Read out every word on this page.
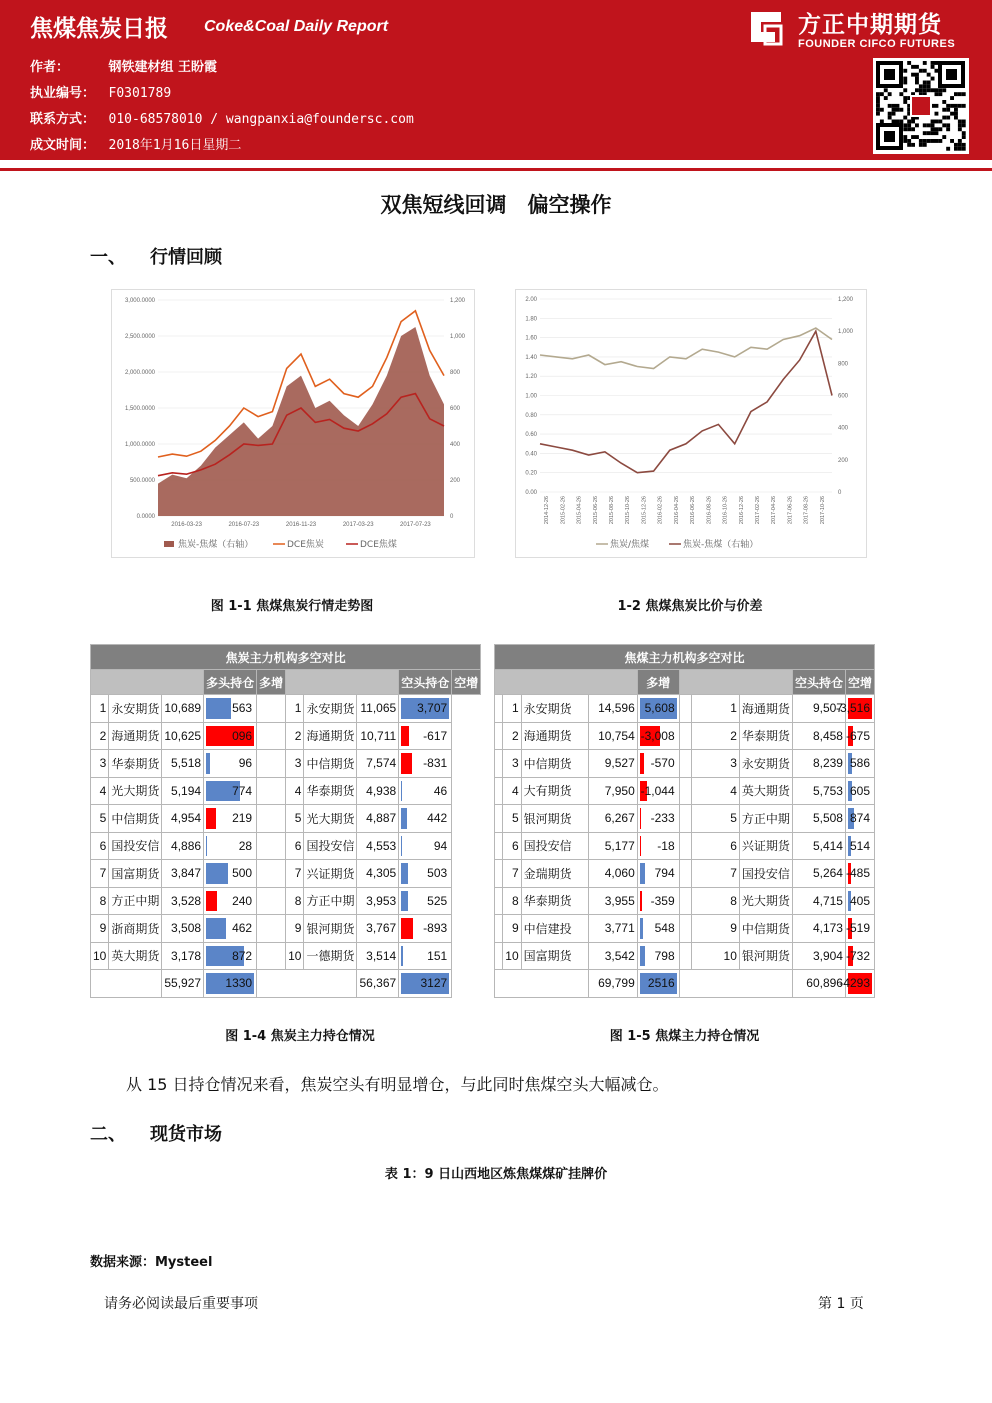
焦煤焦炭日报 Coke&Coal Daily Report	方正中期期货
FOUNDER CIFCO FUTURES
作者：	钢铁建材组 王盼霞
执业编号： F0301789
联系方式： 010-68578010 / wangpanxia@foundersc.com
成文时间： 2018年1月16日星期二
双焦短线回调　偏空操作
一、 行情回顾
3,000.0000
2,500.0000
2,000.0000
1,500.0000
1,000.0000
500.0000
0.0000
1,200
1,000
800
600
400
200
0
2016-03-23	2016-07-23	2016-11-23	2017-03-23	2017-07-23
焦炭-焦煤（右轴）	DCE焦炭	DCE焦煤
图 1-1 焦煤焦炭行情走势图
2.00
1.80
1.60
1.40
1.20
1.00
0.80
0.60
0.40
0.20
0.00
1,200
1,000
800
600
400
200
0
2014-12-26 2015-02-26 2015-04-26 2015-06-26 2015-08-26 2015-10-26 2015-12-26 2016-02-26 2016-04-26 2016-06-26 2016-08-26 2016-10-26 2016-12-26 2017-02-26 2017-04-26 2017-06-26 2017-08-26 2017-10-26
焦炭/焦煤	焦炭-焦煤（右轴）
1-2 焦煤焦炭比价与价差
焦炭主力机构多空对比									
			多头持仓	多增				空头持仓	空增
1	永安期货	10,689	563		1	永安期货	11,065	3,707	

2	海通期货	10,625	096		2	海通期货	10,711	-617	

3	华泰期货	5,518	96		3	中信期货	7,574	-831	

4	光大期货	5,194	774		4	华泰期货	4,938	46	

5	中信期货	4,954	219		5	光大期货	4,887	442	

6	国投安信	4,886	28		6	国投安信	4,553	94	

7	国富期货	3,847	500		7	兴证期货	4,305	503	

8	方正中期	3,528	240		8	方正中期	3,953	525	

9	浙商期货	3,508	462		9	银河期货	3,767	-893	

10	英大期货	3,178	872		10	一德期货	3,514	151	

		55,927	1330				56,367	3127	
图 1-4 焦炭主力持仓情况
焦煤主力机构多空对比									
				多增				空头持仓	空增
	1	永安期货	14,596	5,608		1	海通期货	9,507	-3,516

	2	海通期货	10,754	-3,008		2	华泰期货	8,458	-675

	3	中信期货	9,527	-570		3	永安期货	8,239	586

	4	大有期货	7,950	-1,044		4	英大期货	5,753	605

	5	银河期货	6,267	-233		5	方正中期	5,508	874

	6	国投安信	5,177	-18		6	兴证期货	5,414	514

	7	金瑞期货	4,060	794		7	国投安信	5,264	-485

	8	华泰期货	3,955	-359		8	光大期货	4,715	405

	9	中信建投	3,771	548		9	中信期货	4,173	-519

	10	国富期货	3,542	798		10	银河期货	3,904	-732

			69,799	2516				60,896	-4293
图 1-5 焦煤主力持仓情况
从 15 日持仓情况来看，焦炭空头有明显增仓，与此同时焦煤空头大幅减仓。
二、 现货市场
表 1：9 日山西地区炼焦煤煤矿挂牌价
数据来源：Mysteel
请务必阅读最后重要事项	第 1 页
